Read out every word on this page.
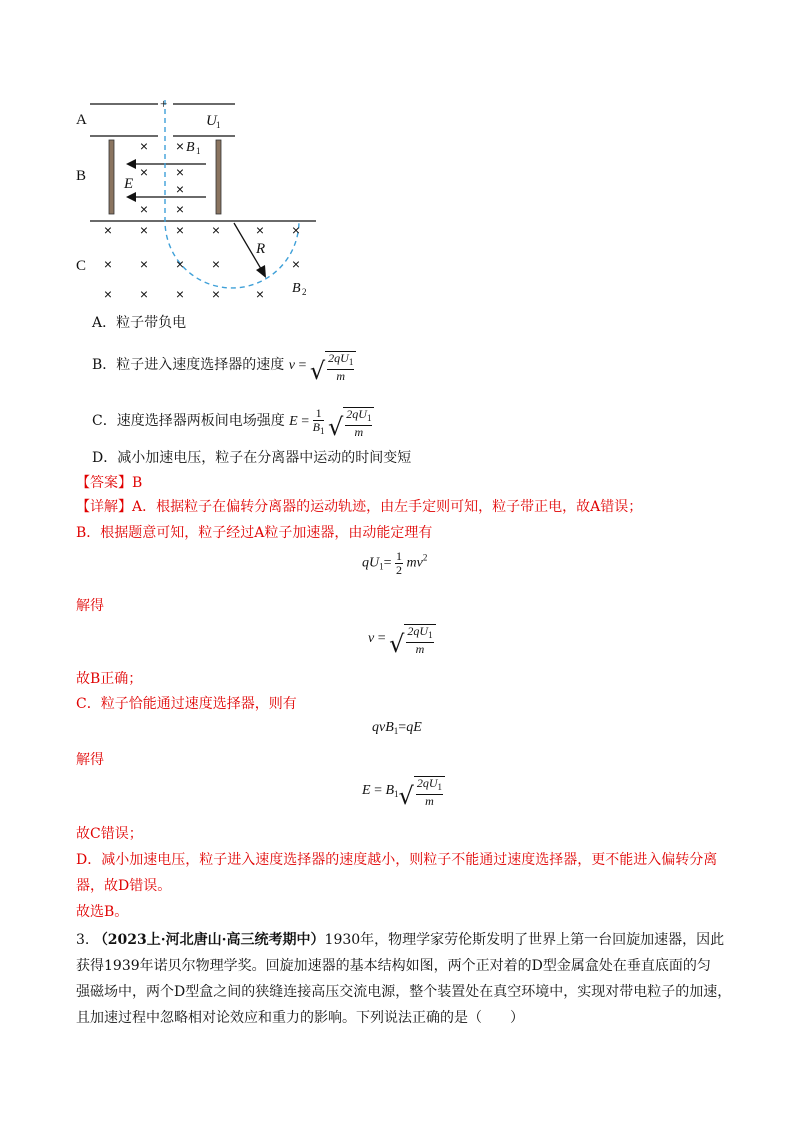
× ×
× ×
×
× ×
× × × ×	× ×
× × × ×	×
× × × ×	×
A
B
C
+
U 1
B 1
E
R
B 2
A．粒子带负电
B．粒子进入速度选择器的速度 v = √ $\frac{2qU_1}{m}$
C．速度选择器两板间电场强度 $E = \frac{1}{B_1}$
√ $\frac{2qU_1}{m}$
D．减小加速电压，粒子在分离器中运动的时间变短
【答案】B
【详解】A．根据粒子在偏转分离器的运动轨迹，由左手定则可知，粒子带正电，故A错误；
B．根据题意可知，粒子经过A粒子加速器，由动能定理有
$qU_1= \frac{1}{2} mv^2$
解得
v = √ $\frac{2qU_1}{m}$
故B正确；
C．粒子恰能通过速度选择器，则有
qvB$_1$=qE
解得
$E = B_1$ √ $\frac{2qU_1}{m}$
故C错误；
D．减小加速电压，粒子进入速度选择器的速度越小，则粒子不能通过速度选择器，更不能进入偏转分离
器，故D错误。
故选B。
3. （2023上·河北唐山·高三统考期中）1930年，物理学家劳伦斯发明了世界上第一台回旋加速器，因此
获得1939年诺贝尔物理学奖。回旋加速器的基本结构如图，两个正对着的D型金属盒处在垂直底面的匀
强磁场中，两个D型盒之间的狭缝连接高压交流电源，整个装置处在真空环境中，实现对带电粒子的加速，
且加速过程中忽略相对论效应和重力的影响。下列说法正确的是（　　）
